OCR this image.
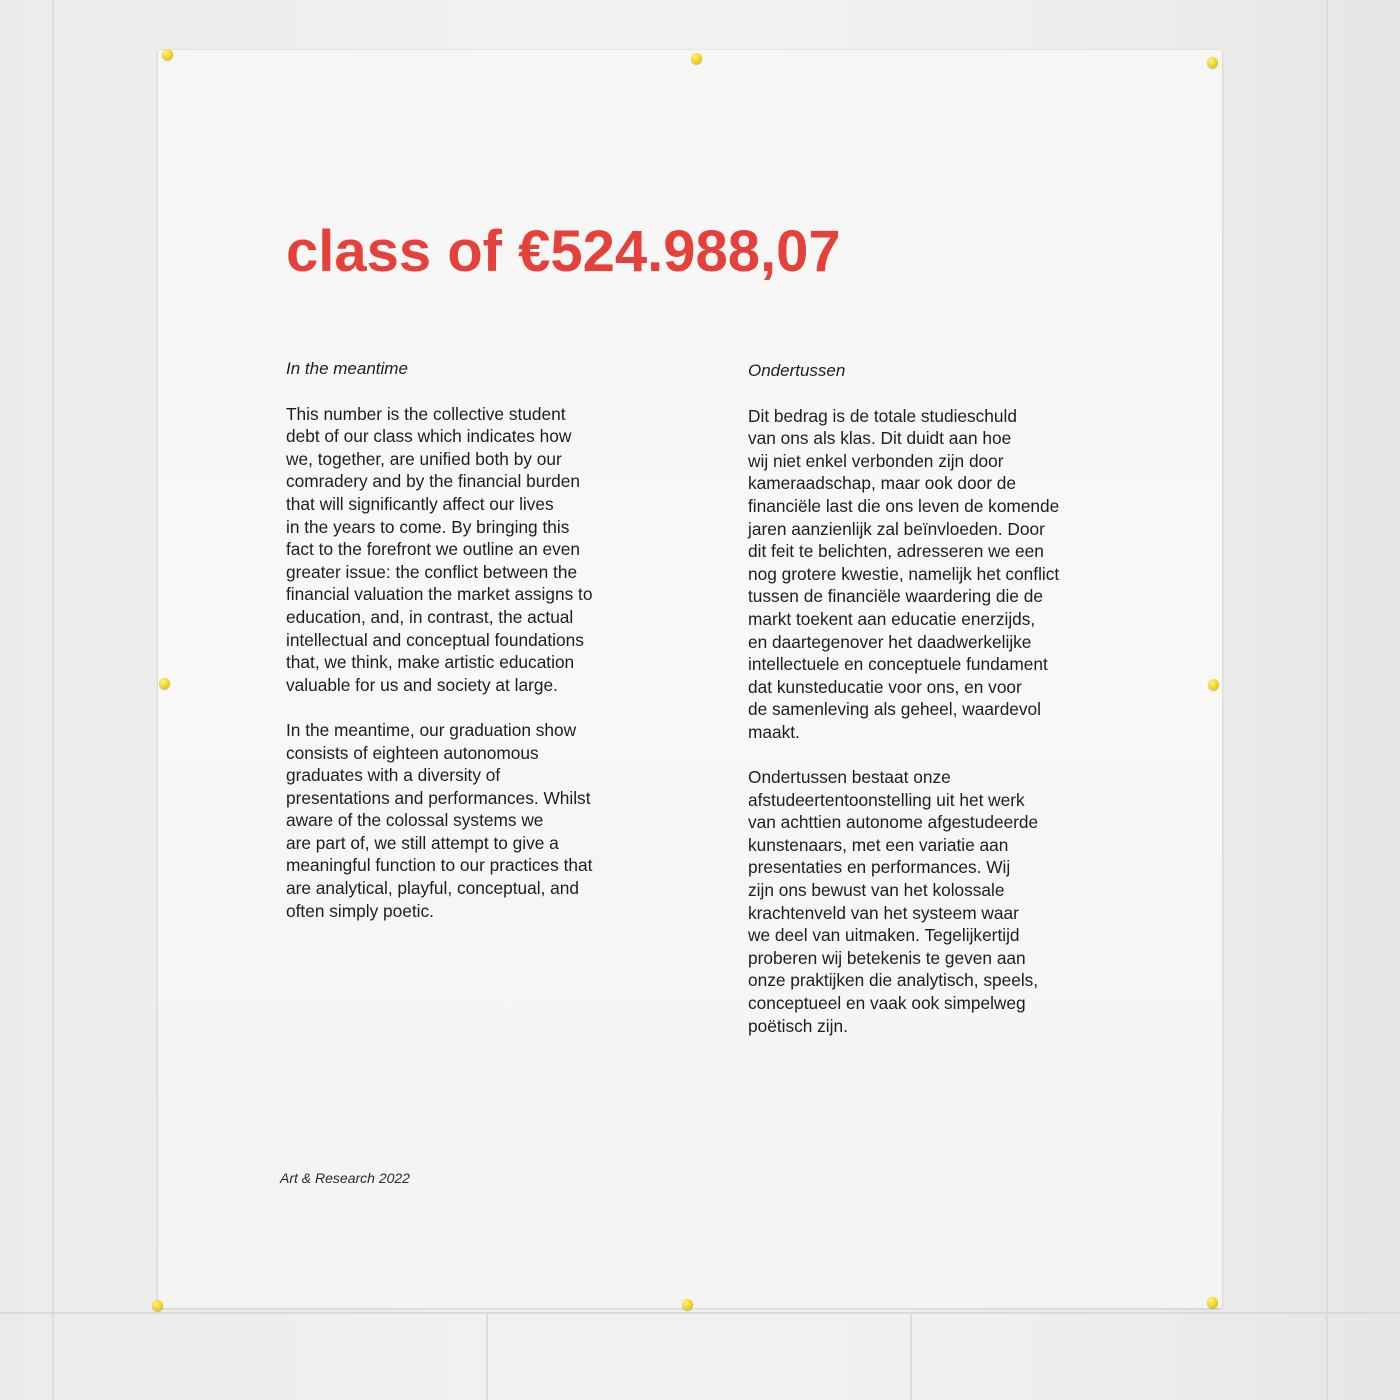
class of €524.988,07
In the meantime
This number is the collective student
debt of our class which indicates how
we, together, are unified both by our
comradery and by the financial burden
that will significantly affect our lives
in the years to come. By bringing this
fact to the forefront we outline an even
greater issue: the conflict between the
financial valuation the market assigns to
education, and, in contrast, the actual
intellectual and conceptual foundations
that, we think, make artistic education
valuable for us and society at large.
In the meantime, our graduation show
consists of eighteen autonomous
graduates with a diversity of
presentations and performances. Whilst
aware of the colossal systems we
are part of, we still attempt to give a
meaningful function to our practices that
are analytical, playful, conceptual, and
often simply poetic.
Ondertussen
Dit bedrag is de totale studieschuld
van ons als klas. Dit duidt aan hoe
wij niet enkel verbonden zijn door
kameraadschap, maar ook door de
financiële last die ons leven de komende
jaren aanzienlijk zal beïnvloeden. Door
dit feit te belichten, adresseren we een
nog grotere kwestie, namelijk het conflict
tussen de financiële waardering die de
markt toekent aan educatie enerzijds,
en daartegenover het daadwerkelijke
intellectuele en conceptuele fundament
dat kunsteducatie voor ons, en voor
de samenleving als geheel, waardevol
maakt.
Ondertussen bestaat onze
afstudeertentoonstelling uit het werk
van achttien autonome afgestudeerde
kunstenaars, met een variatie aan
presentaties en performances. Wij
zijn ons bewust van het kolossale
krachtenveld van het systeem waar
we deel van uitmaken. Tegelijkertijd
proberen wij betekenis te geven aan
onze praktijken die analytisch, speels,
conceptueel en vaak ook simpelweg
poëtisch zijn.
Art & Research 2022
